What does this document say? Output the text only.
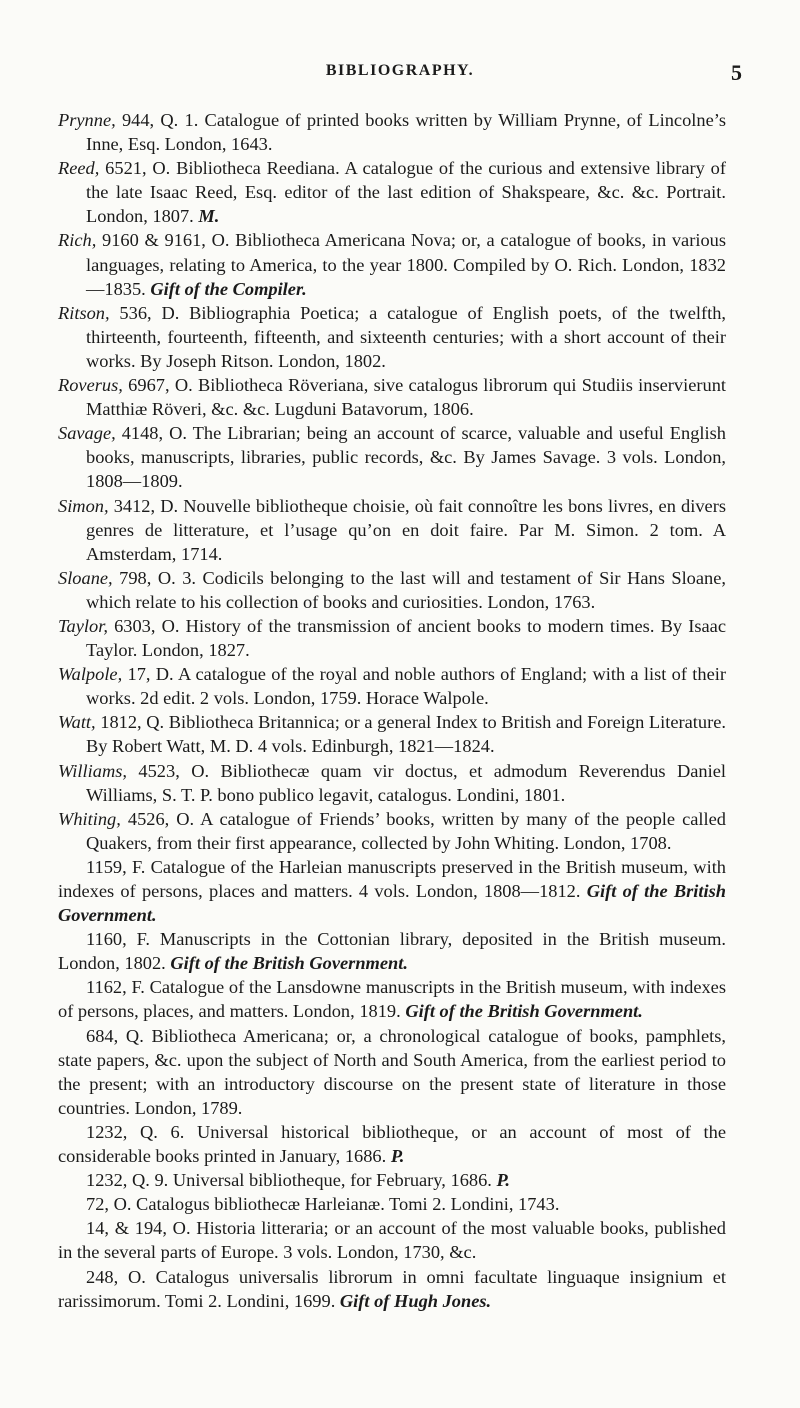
BIBLIOGRAPHY.	5

Prynne, 944, Q. 1. Catalogue of printed books written by William Prynne, of Lincolne’s Inne, Esq. London, 1643.

Reed, 6521, O. Bibliotheca Reediana. A catalogue of the curious and extensive library of the late Isaac Reed, Esq. editor of the last edition of Shakspeare, &c. &c. Portrait. London, 1807. M.

Rich, 9160 & 9161, O. Bibliotheca Americana Nova; or, a catalogue of books, in various languages, relating to America, to the year 1800. Compiled by O. Rich. London, 1832—1835. Gift of the Compiler.

Ritson, 536, D. Bibliographia Poetica; a catalogue of English poets, of the twelfth, thirteenth, fourteenth, fifteenth, and sixteenth centuries; with a short account of their works. By Joseph Ritson. London, 1802.

Roverus, 6967, O. Bibliotheca Röveriana, sive catalogus librorum qui Studiis inservierunt Matthiæ Röveri, &c. &c. Lugduni Batavorum, 1806.

Savage, 4148, O. The Librarian; being an account of scarce, valuable and useful English books, manuscripts, libraries, public records, &c. By James Savage. 3 vols. London, 1808—1809.

Simon, 3412, D. Nouvelle bibliotheque choisie, où fait connoître les bons livres, en divers genres de litterature, et l’usage qu’on en doit faire. Par M. Simon. 2 tom. A Amsterdam, 1714.

Sloane, 798, O. 3. Codicils belonging to the last will and testament of Sir Hans Sloane, which relate to his collection of books and curiosities. London, 1763.

Taylor, 6303, O. History of the transmission of ancient books to modern times. By Isaac Taylor. London, 1827.

Walpole, 17, D. A catalogue of the royal and noble authors of England; with a list of their works. 2d edit. 2 vols. London, 1759. Horace Walpole.

Watt, 1812, Q. Bibliotheca Britannica; or a general Index to British and Foreign Literature. By Robert Watt, M. D. 4 vols. Edinburgh, 1821—1824.

Williams, 4523, O. Bibliothecæ quam vir doctus, et admodum Reverendus Daniel Williams, S. T. P. bono publico legavit, catalogus. Londini, 1801.

Whiting, 4526, O. A catalogue of Friends’ books, written by many of the people called Quakers, from their first appearance, collected by John Whiting. London, 1708.

1159, F. Catalogue of the Harleian manuscripts preserved in the British museum, with indexes of persons, places and matters. 4 vols. London, 1808—1812. Gift of the British Government.

1160, F. Manuscripts in the Cottonian library, deposited in the British museum. London, 1802. Gift of the British Government.

1162, F. Catalogue of the Lansdowne manuscripts in the British museum, with indexes of persons, places, and matters. London, 1819. Gift of the British Government.

684, Q. Bibliotheca Americana; or, a chronological catalogue of books, pamphlets, state papers, &c. upon the subject of North and South America, from the earliest period to the present; with an introductory discourse on the present state of literature in those countries. London, 1789.

1232, Q. 6. Universal historical bibliotheque, or an account of most of the considerable books printed in January, 1686. P.

1232, Q. 9. Universal bibliotheque, for February, 1686. P.

72, O. Catalogus bibliothecæ Harleianæ. Tomi 2. Londini, 1743.

14, & 194, O. Historia litteraria; or an account of the most valuable books, published in the several parts of Europe. 3 vols. London, 1730, &c.

248, O. Catalogus universalis librorum in omni facultate linguaque insignium et rarissimorum. Tomi 2. Londini, 1699. Gift of Hugh Jones.
